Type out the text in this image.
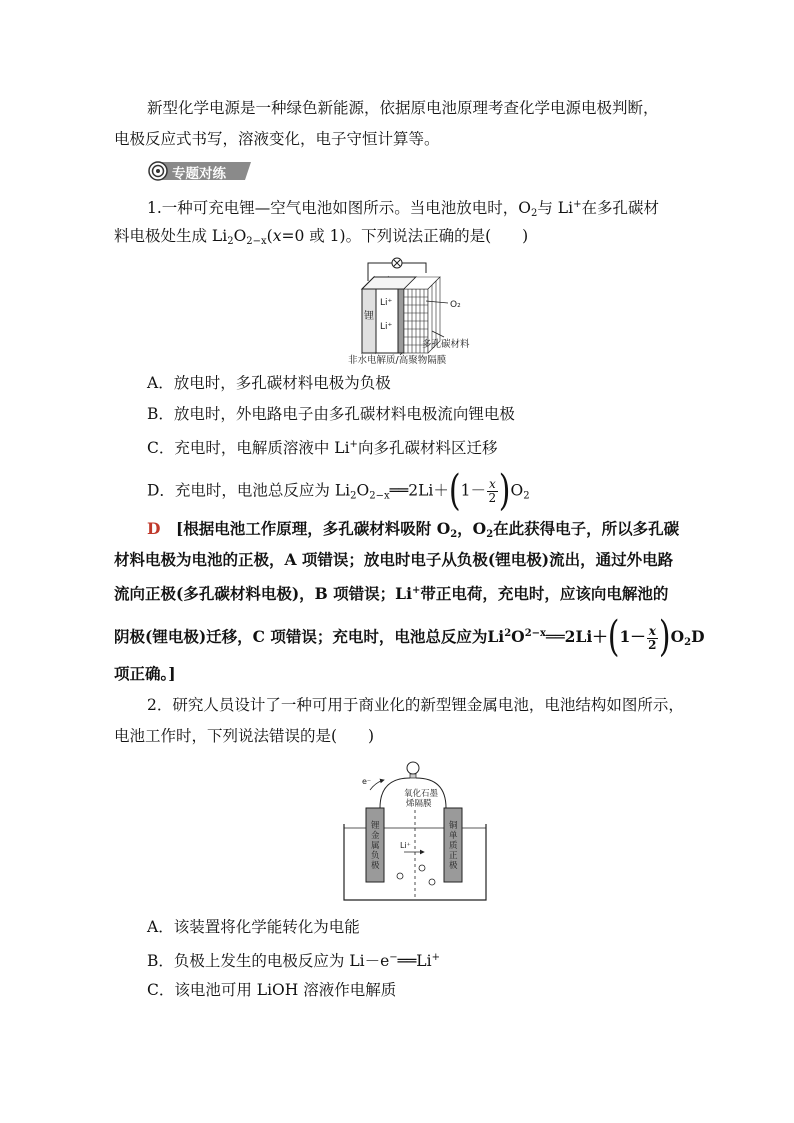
新型化学电源是一种绿色新能源，依据原电池原理考查化学电源电极判断，
电极反应式书写，溶液变化，电子守恒计算等。
专题对练
1.一种可充电锂—空气电池如图所示。当电池放电时，$O_2$与 Li+在多孔碳材
料电极处生成 $Li_2O_{2-x}(x=0$ 或 1)。下列说法正确的是(　　)
Li⁺
Li⁺
锂
O₂
多孔碳材料
非水电解质/高聚物隔膜
A．放电时，多孔碳材料电极为负极
B．放电时，外电路电子由多孔碳材料电极流向锂电极
C．充电时，电解质溶液中 Li+向多孔碳材料区迁移
D．充电时，电池总反应为 $Li_2O_{2-x}══2Li+(1- \frac{x}{2} )O_2$
D　 [根据电池工作原理，多孔碳材料吸附 $O_2$，$O_2$在此获得电子，所以多孔碳
材料电极为电池的正极，A 项错误；放电时电子从负极(锂电极)流出，通过外电路
流向正极(多孔碳材料电极)，B 项错误；Li+带正电荷，充电时，应该向电解池的
阴极(锂电极)迁移，C 项错误；充电时，电池总反应为$Li^2O^{2-x}══2Li+(1- \frac{x}{2} )O_2D$
项正确。]
2．研究人员设计了一种可用于商业化的新型锂金属电池，电池结构如图所示，
电池工作时，下列说法错误的是(　　)
e⁻
氧化石墨
烯隔膜
锂金属负极
铜单质正极
Li⁺
A．该装置将化学能转化为电能
B．负极上发生的电极反应为 Li－e−══Li+
C．该电池可用 LiOH 溶液作电解质
